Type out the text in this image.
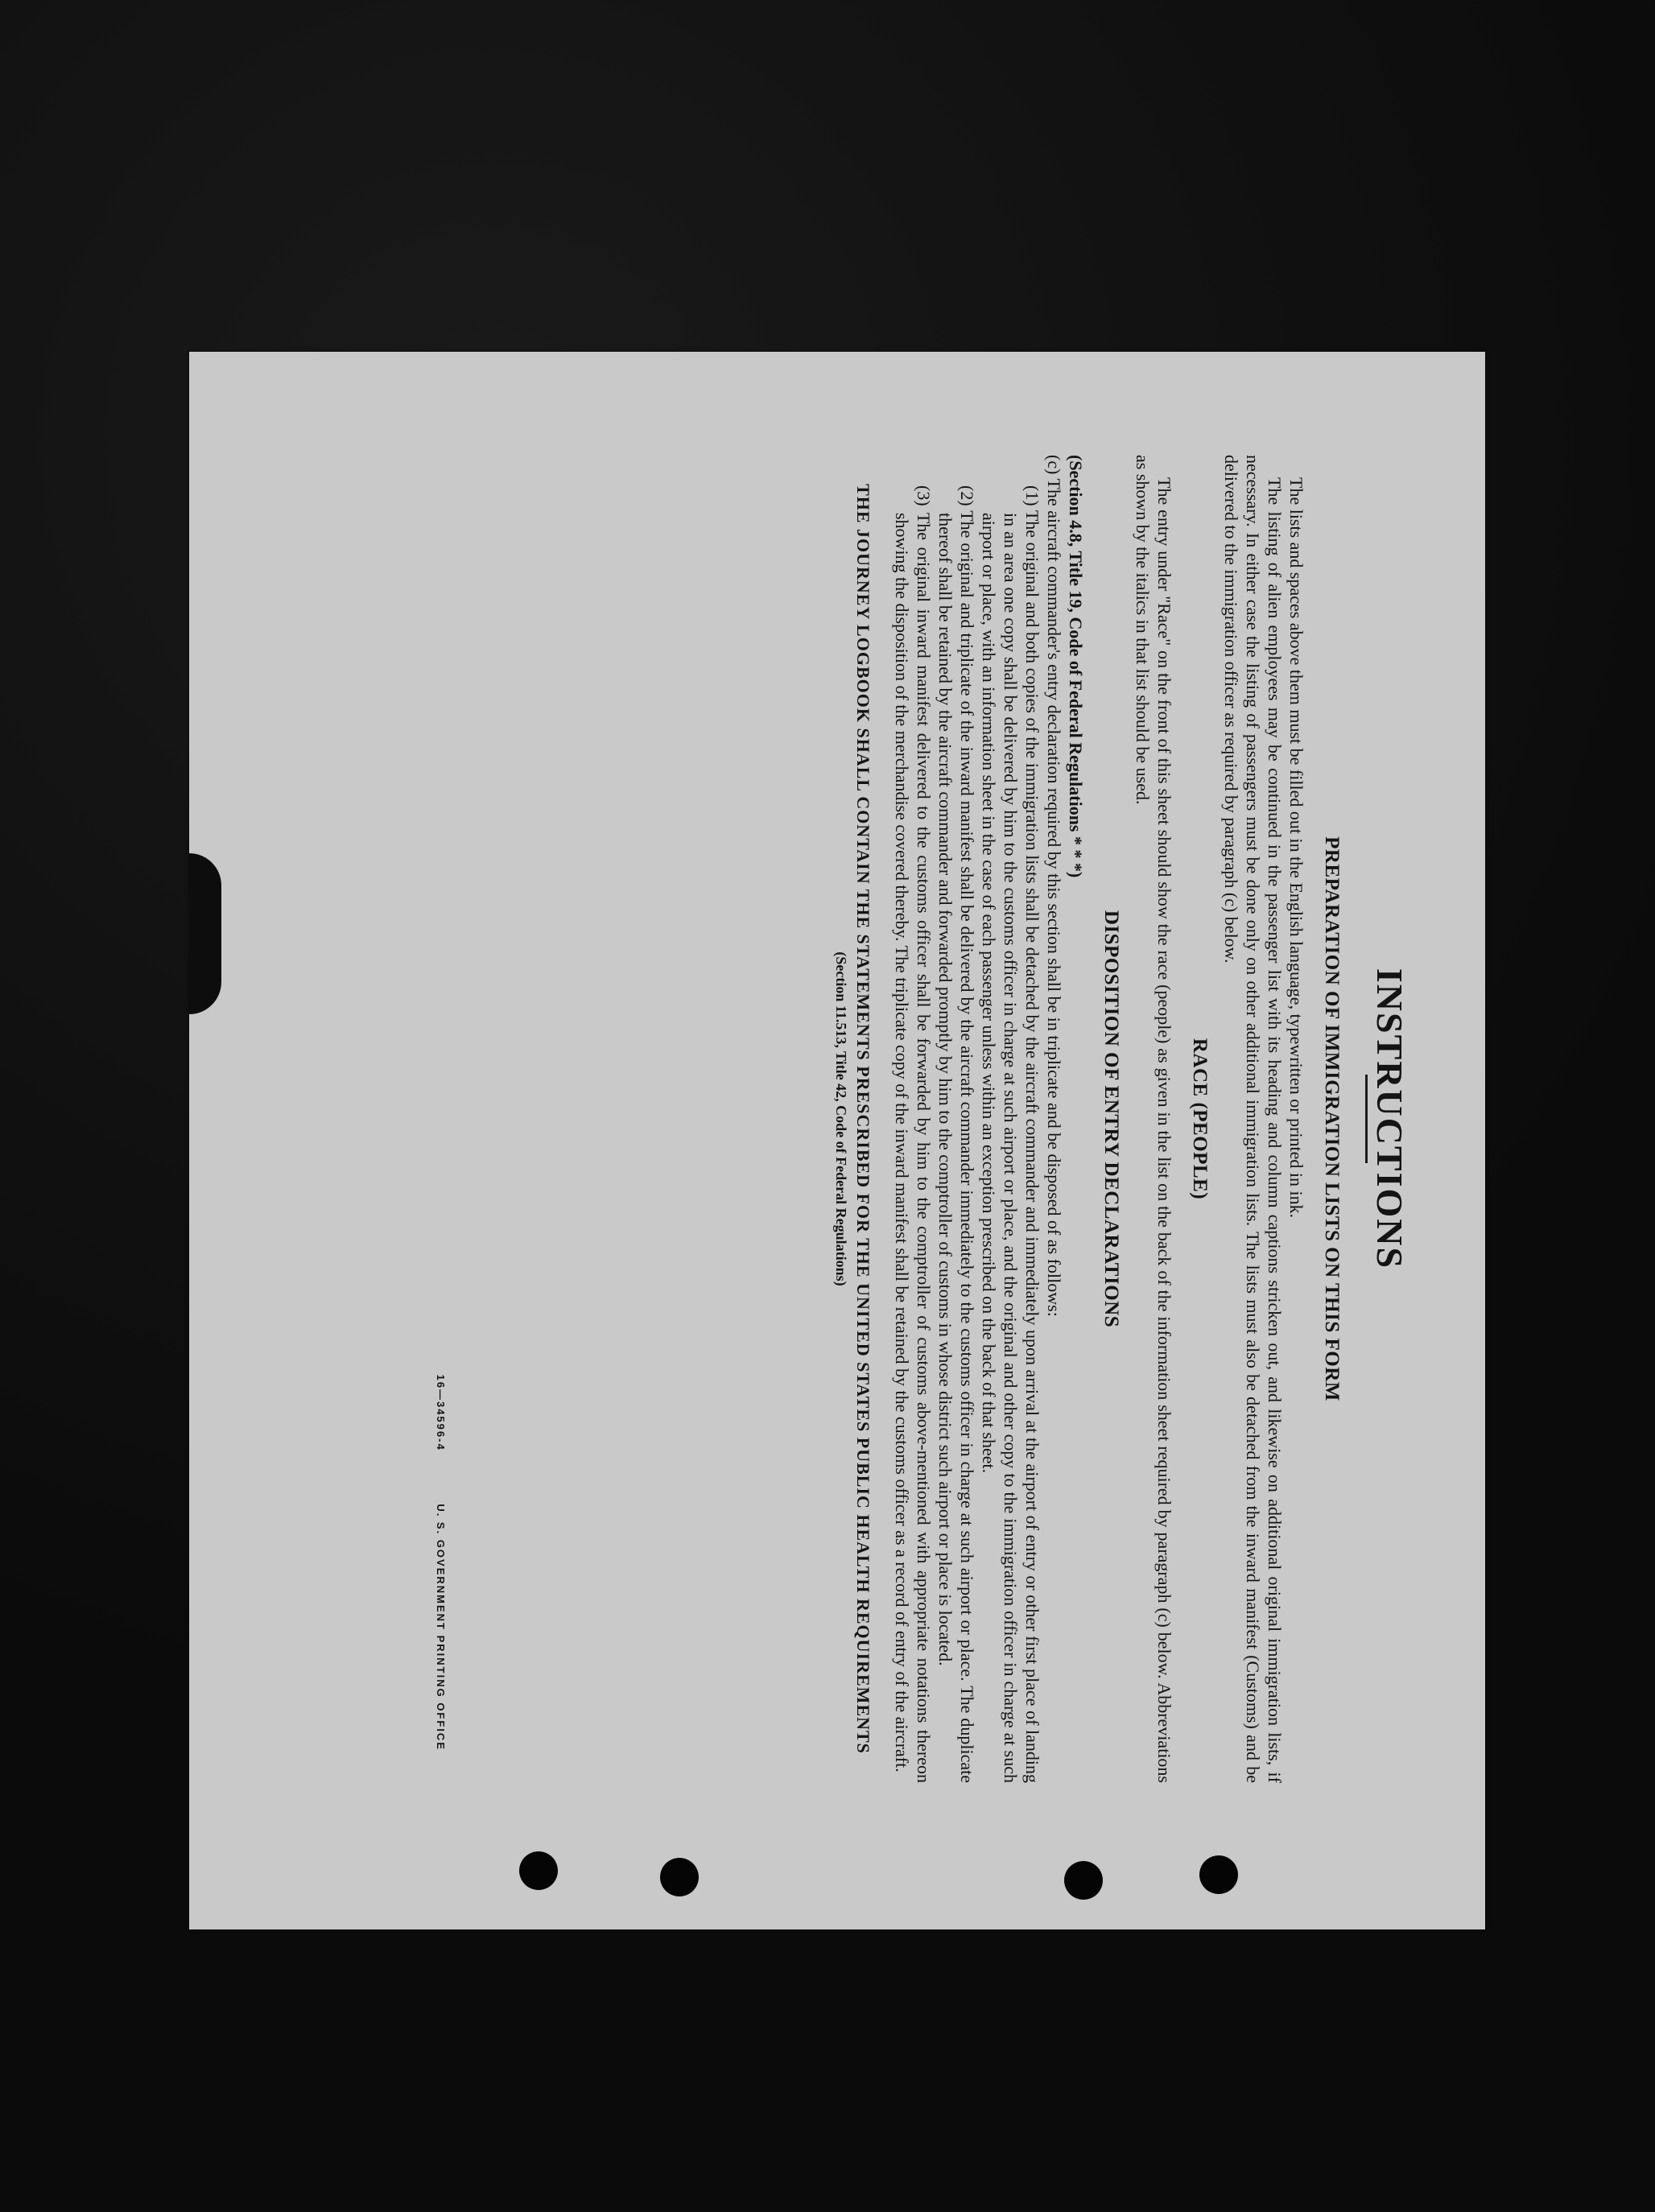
INSTRUCTIONS

PREPARATION OF IMMIGRATION LISTS ON THIS FORM

The lists and spaces above them must be filled out in the English language, typewritten or printed in ink.

The listing of alien employees may be continued in the passenger list with its heading and column captions stricken out, and likewise on additional original immigration lists, if necessary. In either case the listing of passengers must be done only on other additional immigration lists. The lists must also be detached from the inward manifest (Customs) and be delivered to the immigration officer as required by paragraph (c) below.

RACE (PEOPLE)

The entry under "Race" on the front of this sheet should show the race (people) as given in the list on the back of the information sheet required by paragraph (c) below. Abbreviations as shown by the italics in that list should be used.

DISPOSITION OF ENTRY DECLARATIONS

(Section 4.8, Title 19, Code of Federal Regulations * * *)

(c) The aircraft commander's entry declaration required by this section shall be in triplicate and be disposed of as follows:

(1) The original and both copies of the immigration lists shall be detached by the aircraft commander and immediately upon arrival at the airport of entry or other first place of landing in an area one copy shall be delivered by him to the customs officer in charge at such airport or place, and the original and other copy to the immigration officer in charge at such airport or place, with an information sheet in the case of each passenger unless within an exception prescribed on the back of that sheet.

(2) The original and triplicate of the inward manifest shall be delivered by the aircraft commander immediately to the customs officer in charge at such airport or place. The duplicate thereof shall be retained by the aircraft commander and forwarded promptly by him to the comptroller of customs in whose district such airport or place is located.

(3) The original inward manifest delivered to the customs officer shall be forwarded by him to the comptroller of customs above-mentioned with appropriate notations thereon showing the disposition of the merchandise covered thereby. The triplicate copy of the inward manifest shall be retained by the customs officer as a record of entry of the aircraft.

THE JOURNEY LOGBOOK SHALL CONTAIN THE STATEMENTS PRESCRIBED FOR THE UNITED STATES PUBLIC HEALTH REQUIREMENTS
(Section 11.513, Title 42, Code of Federal Regulations)
16—34596-4 U. S. GOVERNMENT PRINTING OFFICE
